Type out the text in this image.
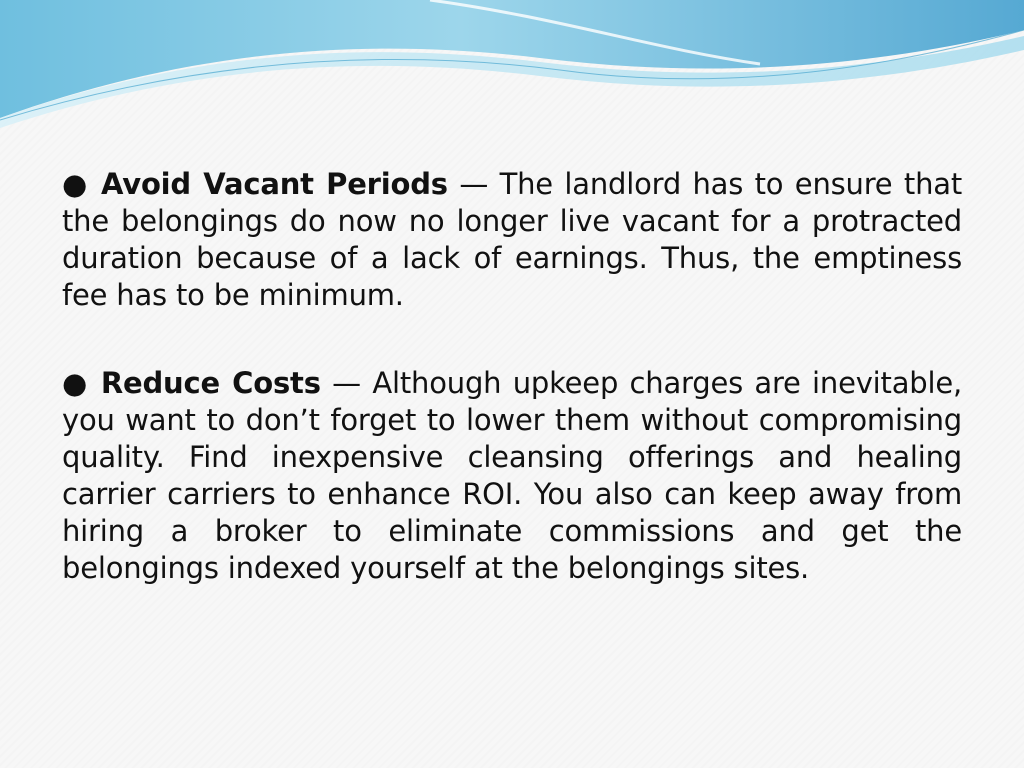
● Avoid Vacant Periods — The landlord has to ensure that the belongings do now no longer live vacant for a protracted duration because of a lack of earnings. Thus, the emptiness fee has to be minimum.

● Reduce Costs — Although upkeep charges are inevitable, you want to don’t forget to lower them without compromising quality. Find inexpensive cleansing offerings and healing carrier carriers to enhance ROI. You also can keep away from hiring a broker to eliminate commissions and get the belongings indexed yourself at the belongings sites.
